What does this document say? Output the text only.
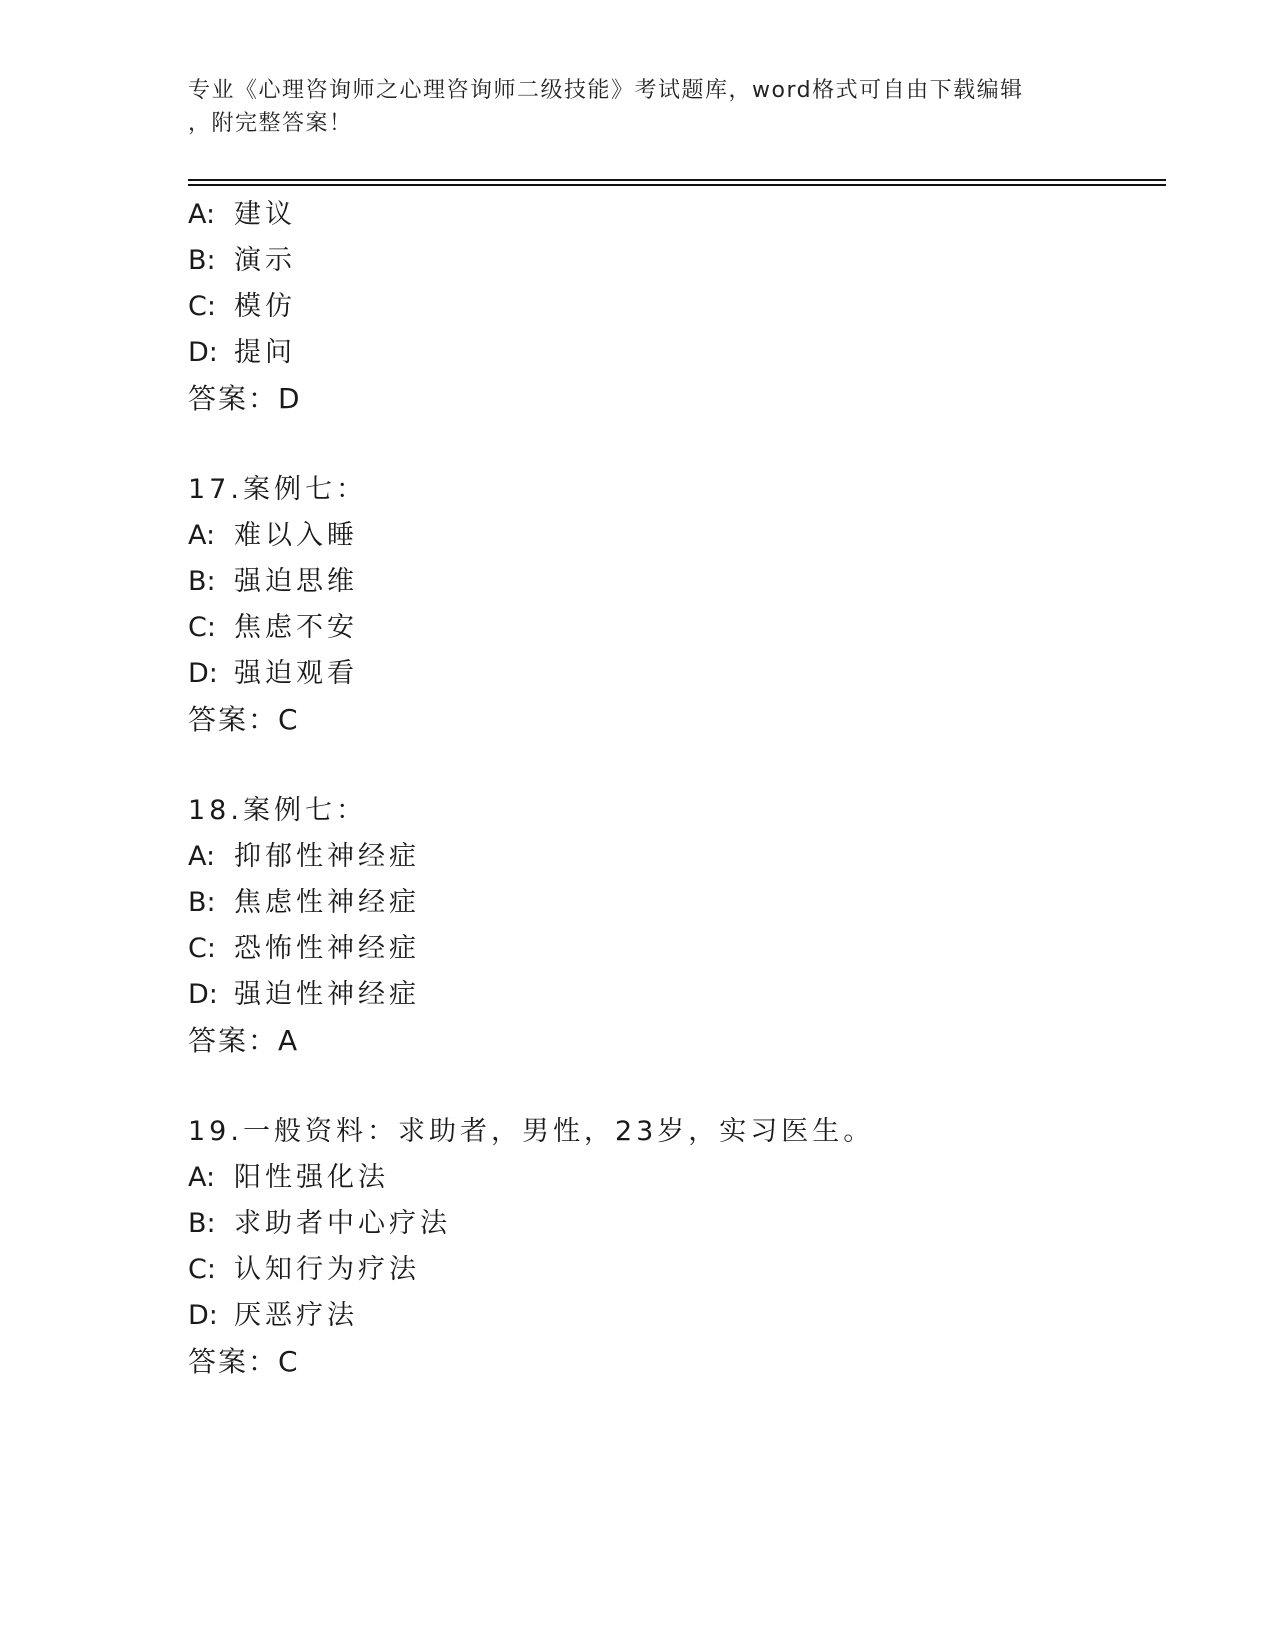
专业《心理咨询师之心理咨询师二级技能》考试题库，word格式可自由下载编辑
，附完整答案！
A: 建议
B: 演示
C: 模仿
D: 提问
答案：D
17.案例七：
A: 难以入睡
B: 强迫思维
C: 焦虑不安
D: 强迫观看
答案：C
18.案例七：
A: 抑郁性神经症
B: 焦虑性神经症
C: 恐怖性神经症
D: 强迫性神经症
答案：A
19.一般资料：求助者，男性，23岁，实习医生。
A: 阳性强化法
B: 求助者中心疗法
C: 认知行为疗法
D: 厌恶疗法
答案：C
